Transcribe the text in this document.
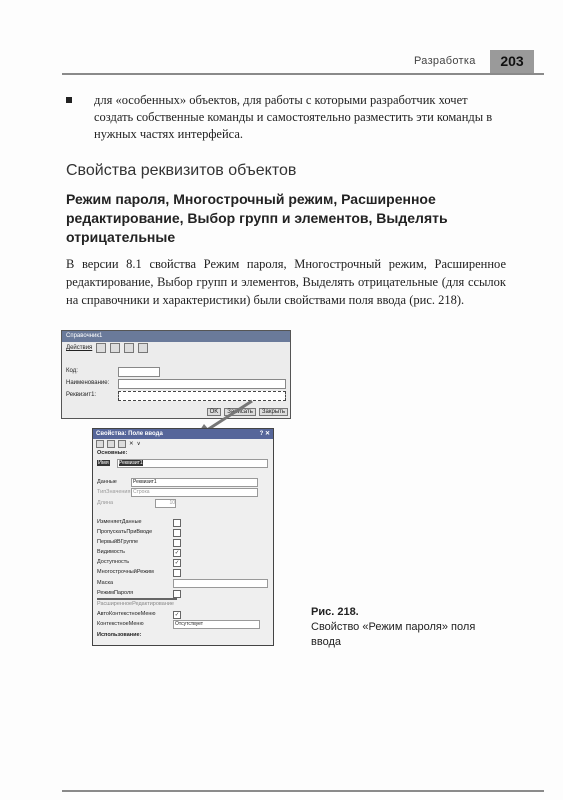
203
Разработка
для «особенных» объектов, для работы с которыми разработчик хочет создать собственные команды и самостоятельно разместить эти команды в нужных частях интерфейса.
Свойства реквизитов объектов
Режим пароля, Многострочный режим, Расширенное редактирование, Выбор групп и элементов, Выделять отрицательные
В версии 8.1 свойства Режим пароля, Многострочный режим, Расширенное редактирование, Выбор групп и элементов, Выделять отрицательные (для ссылок на справочники и характеристики) были свойствами поля ввода (рис. 218).
Справочник1
Действия
Код:
Наименование:
Реквизит1:
OK	Записать	Закрыть
Свойства: Поле ввода	? ✕
✕ ∨
Основные:
Имя	Реквизит1
Данные	Реквизит1
ТипЗначения Строка
Длина	10
ИзменяетДанные
ПропускатьПриВводе
ПервыйВГруппе
Видимость	✓
Доступность	✓
МногострочныйРежим
Маска
РежимПароля
РасширенноеРедактирование
АвтоКонтекстноеМеню	✓
КонтекстноеМеню	Отсутствует
Использование:
Рис. 218.
Свойство «Режим пароля» поля ввода
